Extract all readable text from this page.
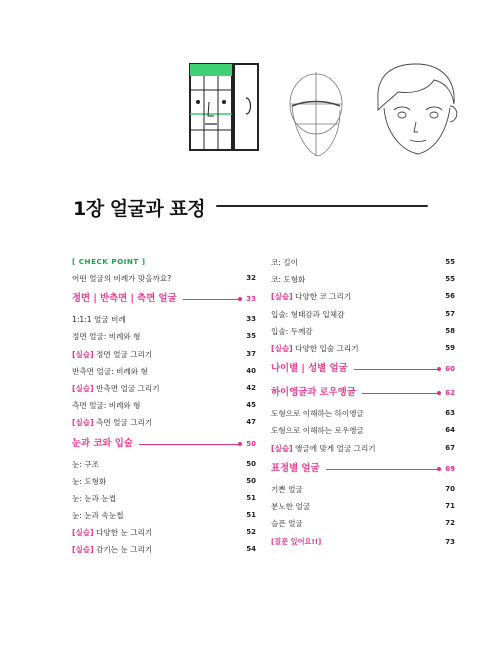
1장 얼굴과 표정
[ CHECK POINT ]
어떤 얼굴의 비례가 맞을까요?	32
정면 | 반측면 | 측면 얼굴	33
1:1:1 얼굴 비례	33
정면 얼굴: 비례와 형	35
[실습] 정면 얼굴 그리기	37
반측면 얼굴: 비례와 형	40
[실습] 반측면 얼굴 그리기	42
측면 얼굴: 비례와 형	45
[실습] 측면 얼굴 그리기	47
눈과 코와 입술	50
눈: 구조	50
눈: 도형화	50
눈: 눈과 눈썹	51
눈: 눈과 속눈썹	51
[실습] 다양한 눈 그리기	52
[실습] 감기는 눈 그리기	54
코: 길이	55
코: 도형화	55
[실습] 다양한 코 그리기	56
입술: 형태감과 입체감	57
입술: 두께감	58
[실습] 다양한 입술 그리기	59
나이별 | 성별 얼굴	60
하이앵글과 로우앵글	62
도형으로 이해하는 하이앵글	63
도형으로 이해하는 로우앵글	64
[실습] 앵글에 맞게 얼굴 그리기	67
표정별 얼굴	69
기쁜 얼굴	70
분노한 얼굴	71
슬픈 얼굴	72
[질문 있어요!!]	73
